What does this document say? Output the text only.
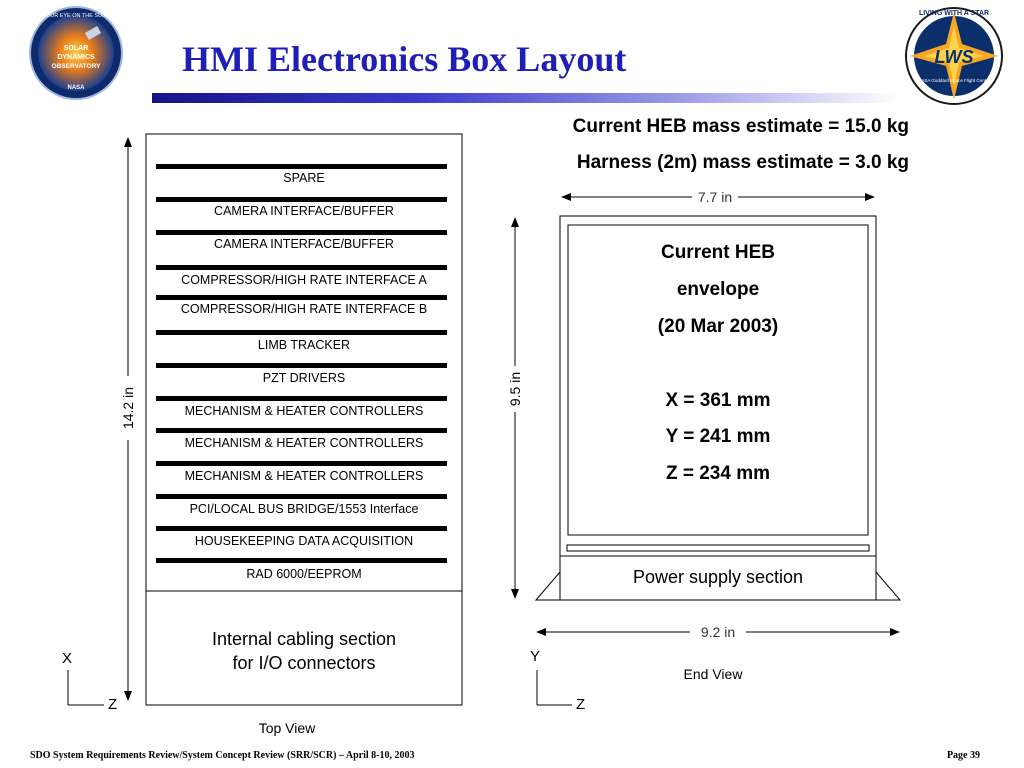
SOLAR
DYNAMICS
OBSERVATORY
OUR EYE ON THE SUN
NASA
LWS
LIVING WITH A STAR
NASA Goddard Space Flight Center
HMI Electronics Box Layout
SPARE
CAMERA INTERFACE/BUFFER
CAMERA INTERFACE/BUFFER
COMPRESSOR/HIGH RATE INTERFACE A
COMPRESSOR/HIGH RATE INTERFACE B
LIMB TRACKER
PZT DRIVERS
MECHANISM & HEATER CONTROLLERS
MECHANISM & HEATER CONTROLLERS
MECHANISM & HEATER CONTROLLERS
PCI/LOCAL BUS BRIDGE/1553 Interface
HOUSEKEEPING DATA ACQUISITION
RAD 6000/EEPROM
Internal cabling section
for I/O connectors
14.2 in
X
Z
Top View
Current HEB mass estimate = 15.0 kg
Harness (2m) mass estimate = 3.0 kg
7.7 in
9.5 in
Current HEB
envelope
(20 Mar 2003)
X = 361 mm
Y = 241 mm
Z = 234 mm
Power supply section
9.2 in
Y
Z
End View
SDO System Requirements Review/System Concept Review (SRR/SCR) – April 8-10, 2003	Page 39
